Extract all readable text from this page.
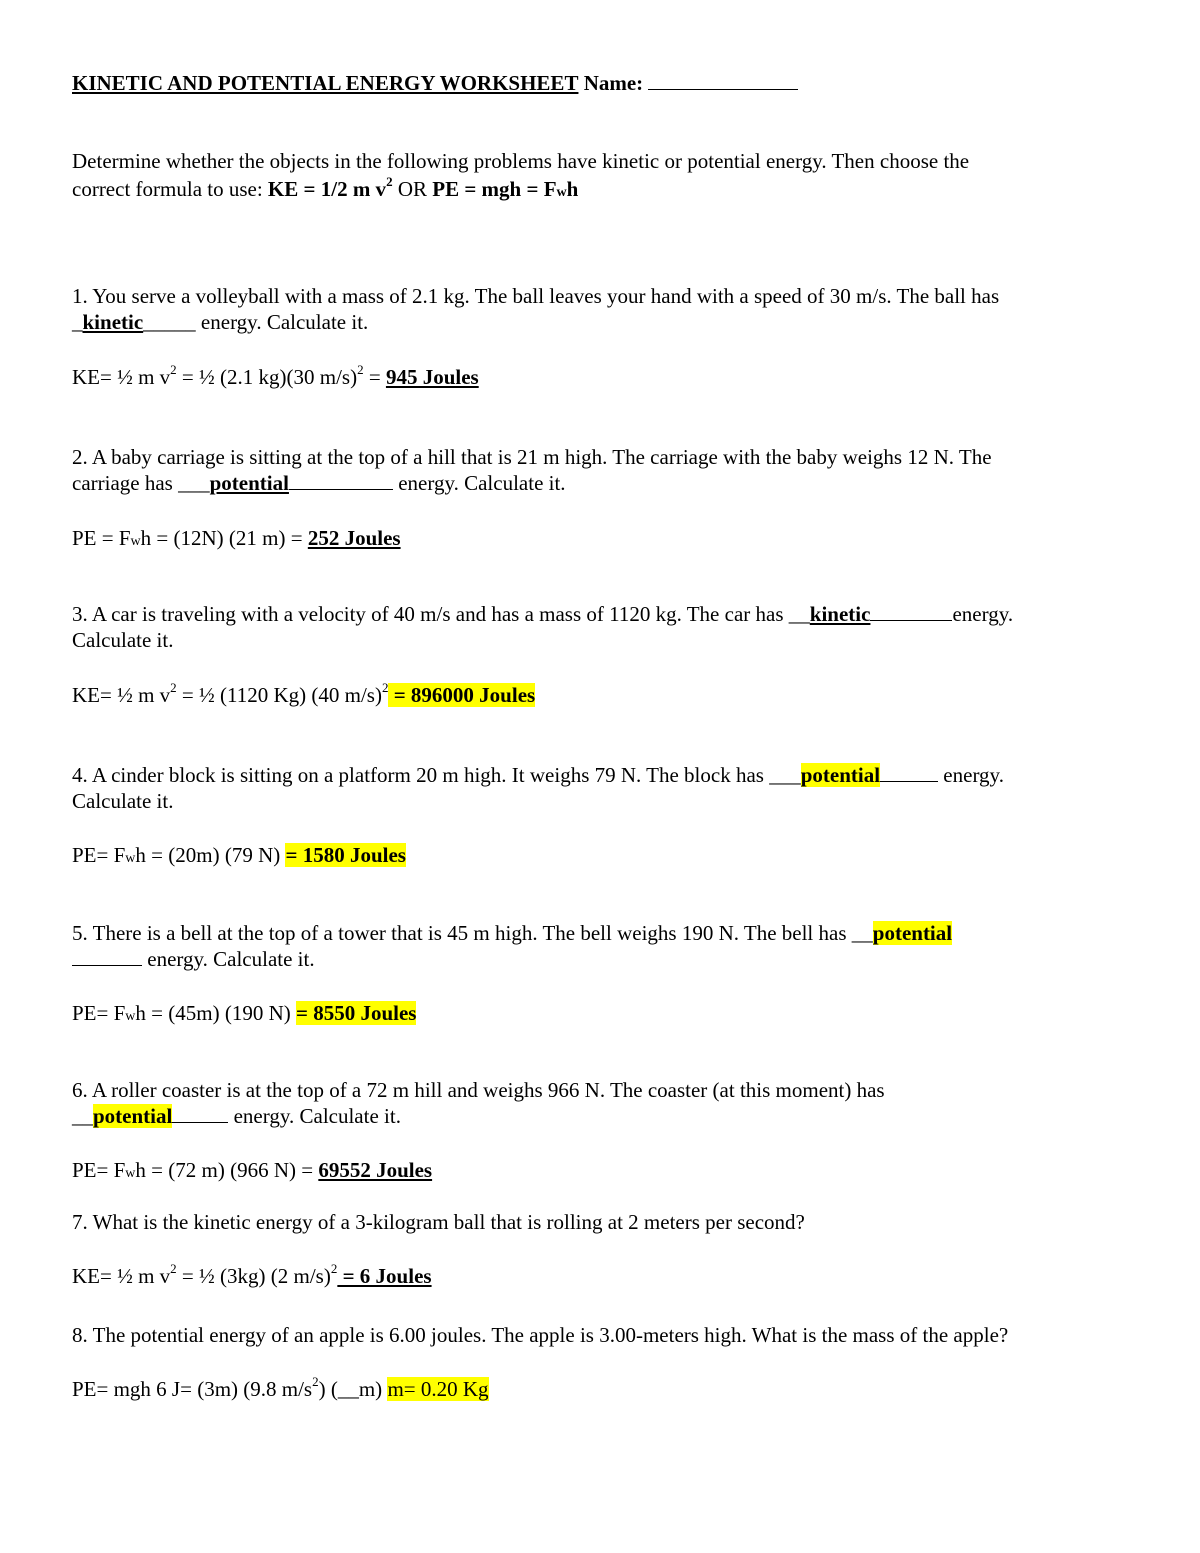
KINETIC AND POTENTIAL ENERGY WORKSHEET Name:
Determine whether the objects in the following problems have kinetic or potential energy. Then choose the
correct formula to use: KE = 1/2 m $v^2$ OR PE = mgh = Fwh
1. You serve a volleyball with a mass of 2.1 kg. The ball leaves your hand with a speed of 30 m/s. The ball has
_kinetic_____ energy. Calculate it.
KE= ½ m $v^2$ = ½ (2.1 kg)(30 m/s)$^2$ = 945 Joules
2. A baby carriage is sitting at the top of a hill that is 21 m high. The carriage with the baby weighs 12 N. The
carriage has ___potential	energy. Calculate it.
PE = Fwh = (12N) (21 m) = 252 Joules
3. A car is traveling with a velocity of 40 m/s and has a mass of 1120 kg. The car has __kinetic	energy.
Calculate it.
KE= ½ m $v^2$ = ½ (1120 Kg) (40 m/s)$^2$ = 896000 Joules
4. A cinder block is sitting on a platform 20 m high. It weighs 79 N. The block has ___potential	energy.
Calculate it.
PE= Fwh = (20m) (79 N) = 1580 Joules
5. There is a bell at the top of a tower that is 45 m high. The bell weighs 190 N. The bell has __potential
energy. Calculate it.
PE= Fwh = (45m) (190 N) = 8550 Joules
6. A roller coaster is at the top of a 72 m hill and weighs 966 N. The coaster (at this moment) has
__potential	energy. Calculate it.
PE= Fwh = (72 m) (966 N) = 69552 Joules
7. What is the kinetic energy of a 3-kilogram ball that is rolling at 2 meters per second?
KE= ½ m $v^2$ = ½ (3kg) (2 m/s)$^2$ = 6 Joules
8. The potential energy of an apple is 6.00 joules. The apple is 3.00-meters high. What is the mass of the apple?
PE= mgh 6 J= (3m) (9.8 $m/s^2$) (__m) m= 0.20 Kg
